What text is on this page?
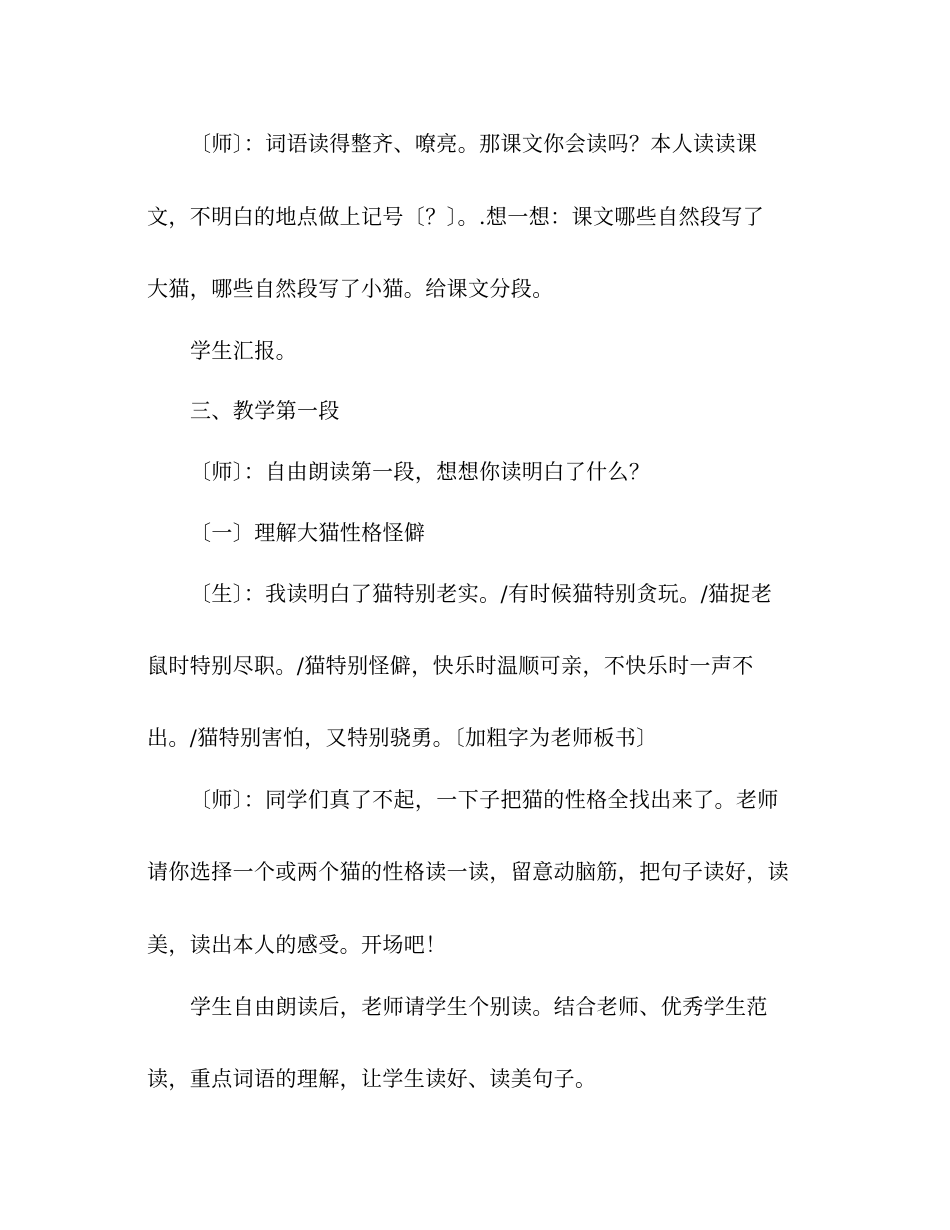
〔师〕：词语读得整齐、嘹亮。那课文你会读吗？本人读读课

文，不明白的地点做上记号〔？〕。.想一想：课文哪些自然段写了

大猫，哪些自然段写了小猫。给课文分段。

学生汇报。

三、教学第一段

〔师〕：自由朗读第一段，想想你读明白了什么？

〔一〕理解大猫性格怪僻

〔生〕：我读明白了猫特别老实。/有时候猫特别贪玩。/猫捉老

鼠时特别尽职。/猫特别怪僻，快乐时温顺可亲，不快乐时一声不

出。/猫特别害怕，又特别骁勇。〔加粗字为老师板书〕

〔师〕：同学们真了不起，一下子把猫的性格全找出来了。老师

请你选择一个或两个猫的性格读一读，留意动脑筋，把句子读好，读

美，读出本人的感受。开场吧！

学生自由朗读后，老师请学生个别读。结合老师、优秀学生范

读，重点词语的理解，让学生读好、读美句子。
